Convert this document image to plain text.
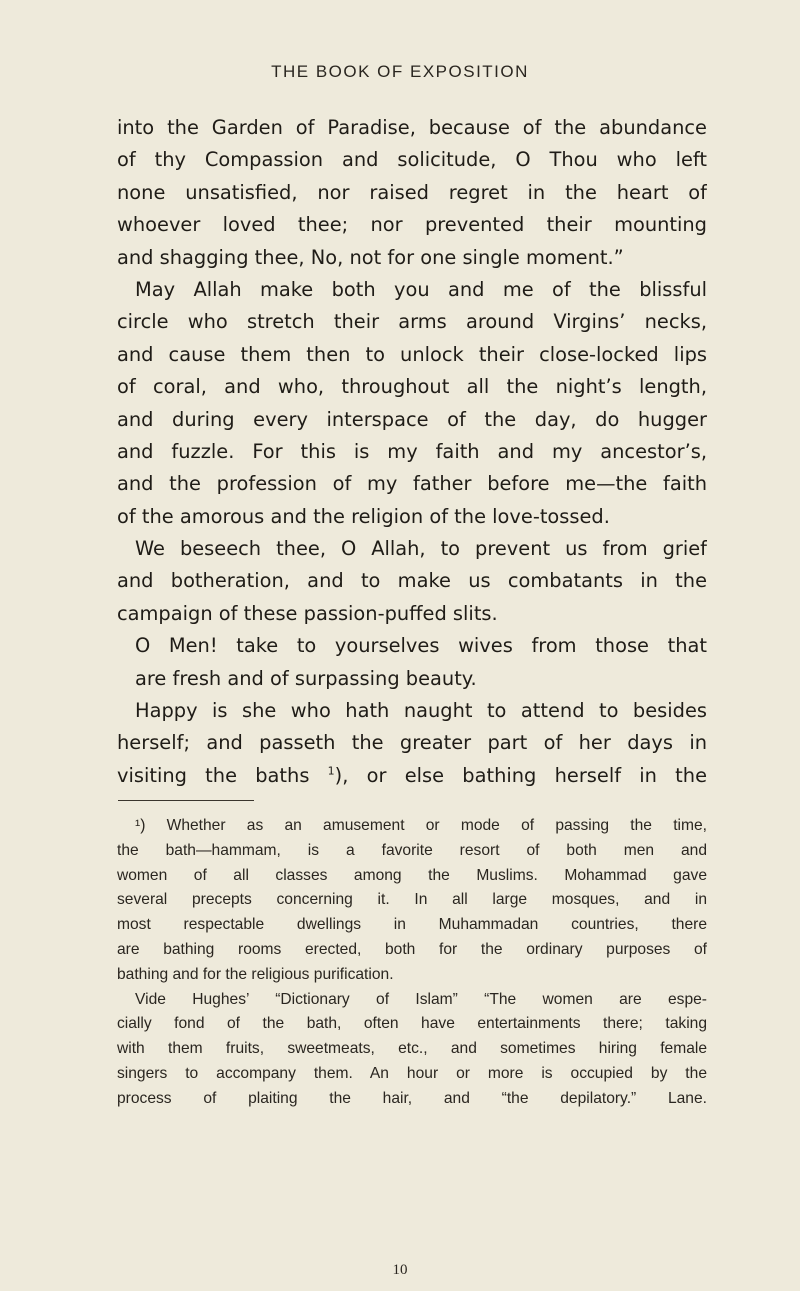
THE BOOK OF EXPOSITION
into the Garden of Paradise, because of the abundance
of thy Compassion and solicitude, O Thou who left
none unsatisfied, nor raised regret in the heart of
whoever loved thee; nor prevented their mounting
and shagging thee, No, not for one single moment.”
May Allah make both you and me of the blissful
circle who stretch their arms around Virgins’ necks,
and cause them then to unlock their close-locked lips
of coral, and who, throughout all the night’s length,
and during every interspace of the day, do hugger
and fuzzle. For this is my faith and my ancestor’s,
and the profession of my father before me—the faith
of the amorous and the religion of the love-tossed.
We beseech thee, O Allah, to prevent us from grief
and botheration, and to make us combatants in the
campaign of these passion-puffed slits.
O Men! take to yourselves wives from those that
are fresh and of surpassing beauty.
Happy is she who hath naught to attend to besides
herself; and passeth the greater part of her days in
visiting the baths $^1$), or else bathing herself in the
¹) Whether as an amusement or mode of passing the time,
the bath—hammam, is a favorite resort of both men and
women of all classes among the Muslims. Mohammad gave
several precepts concerning it. In all large mosques, and in
most respectable dwellings in Muhammadan countries, there
are bathing rooms erected, both for the ordinary purposes of
bathing and for the religious purification.
Vide Hughes’ “Dictionary of Islam” “The women are espe-
cially fond of the bath, often have entertainments there; taking
with them fruits, sweetmeats, etc., and sometimes hiring female
singers to accompany them. An hour or more is occupied by the
process of plaiting the hair, and “the depilatory.” Lane.
10
